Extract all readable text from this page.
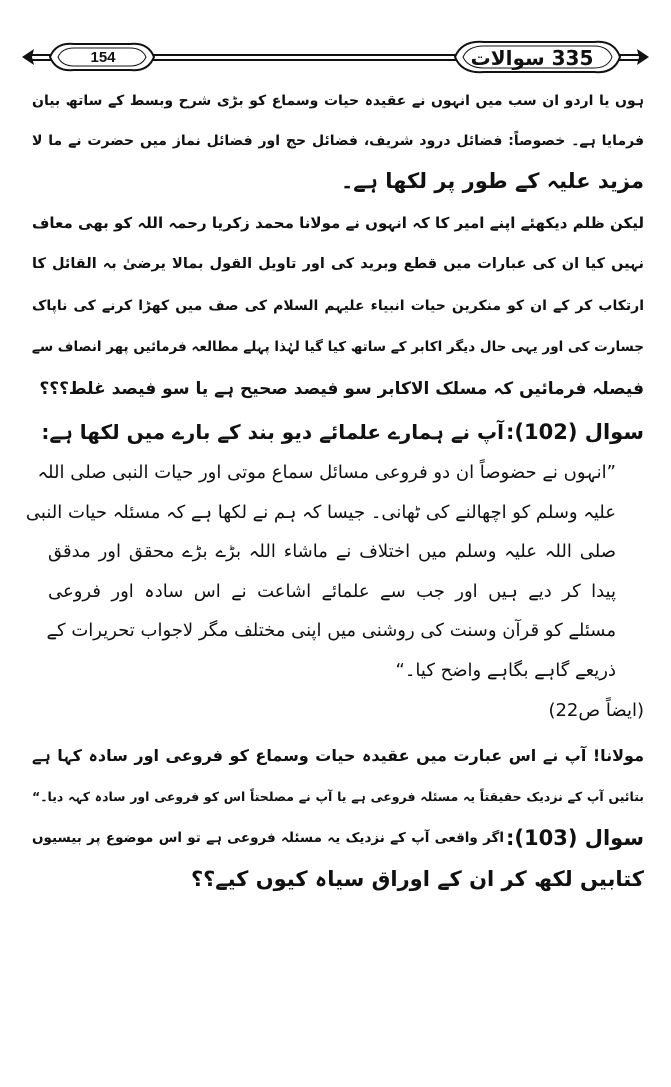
154	335 سوالات
ہوں یا اردو ان سب میں انہوں نے عقیدہ حیات وسماع کو بڑی شرح وبسط کے ساتھ بیان
فرمایا ہے۔ خصوصاً: فضائل درود شریف، فضائل حج اور فضائل نماز میں حضرت نے ما لا
مزید علیہ کے طور پر لکھا ہے۔
لیکن ظلم دیکھئے اپنے امیر کا کہ انہوں نے مولانا محمد زکریا رحمہ اللہ کو بھی معاف
نہیں کیا ان کی عبارات میں قطع وبرید کی اور تاویل القول بمالا یرضیٰ بہ القائل کا
ارتکاب کر کے ان کو منکرین حیات انبیاء علیہم السلام کی صف میں کھڑا کرنے کی ناپاک
جسارت کی اور یہی حال دیگر اکابر کے ساتھ کیا گیا لہٰذا پہلے مطالعہ فرمائیں پھر انصاف سے
فیصلہ فرمائیں کہ مسلک الاکابر سو فیصد صحیح ہے یا سو فیصد غلط؟؟؟
سوال (102):
آپ نے ہمارے علمائے دیو بند کے بارے میں لکھا ہے:
”انہوں نے حضوصاً ان دو فروعی مسائل سماع موتی اور حیات النبی صلی اللہ
علیہ وسلم کو اچھالنے کی ٹھانی۔ جیسا کہ ہم نے لکھا ہے کہ مسئلہ حیات النبی
صلی اللہ علیہ وسلم میں اختلاف نے ماشاء اللہ بڑے بڑے محقق اور مدقق
پیدا کر دیے ہیں اور جب سے علمائے اشاعت نے اس سادہ اور فروعی
مسئلے کو قرآن وسنت کی روشنی میں اپنی مختلف مگر لاجواب تحریرات کے
ذریعے گاہے بگاہے واضح کیا۔“
(ایضاً ص22)
مولانا! آپ نے اس عبارت میں عقیدہ حیات وسماع کو فروعی اور سادہ کہا ہے
بتائیں آپ کے نزدیک حقیقتاً یہ مسئلہ فروعی ہے یا آپ نے مصلحتاً اس کو فروعی اور سادہ کہہ دیا۔“
سوال (103):
اگر واقعی آپ کے نزدیک یہ مسئلہ فروعی ہے تو اس موضوع پر بیسیوں
کتابیں لکھ کر ان کے اوراق سیاہ کیوں کیے؟؟
